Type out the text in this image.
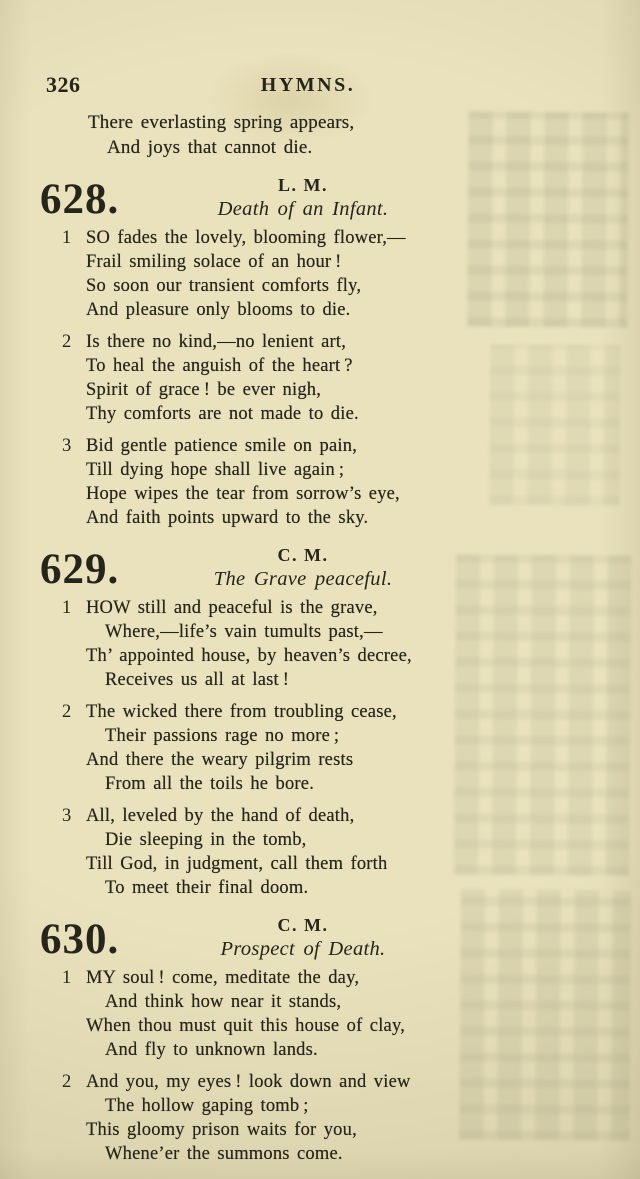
326	HYMNS.
There everlasting spring appears,
And joys that cannot die.
628.	L. M.
Death of an Infant.
1 SO fades the lovely, blooming flower,—
Frail smiling solace of an hour !
So soon our transient comforts fly,
And pleasure only blooms to die.
2 Is there no kind,—no lenient art,
To heal the anguish of the heart ?
Spirit of grace ! be ever nigh,
Thy comforts are not made to die.
3 Bid gentle patience smile on pain,
Till dying hope shall live again ;
Hope wipes the tear from sorrow’s eye,
And faith points upward to the sky.
629.	C. M.
The Grave peaceful.
1 HOW still and peaceful is the grave,
Where,—life’s vain tumults past,—
Th’ appointed house, by heaven’s decree,
Receives us all at last !
2 The wicked there from troubling cease,
Their passions rage no more ;
And there the weary pilgrim rests
From all the toils he bore.
3 All, leveled by the hand of death,
Die sleeping in the tomb,
Till God, in judgment, call them forth
To meet their final doom.
630.	C. M.
Prospect of Death.
1 MY soul ! come, meditate the day,
And think how near it stands,
When thou must quit this house of clay,
And fly to unknown lands.
2 And you, my eyes ! look down and view
The hollow gaping tomb ;
This gloomy prison waits for you,
Whene’er the summons come.
